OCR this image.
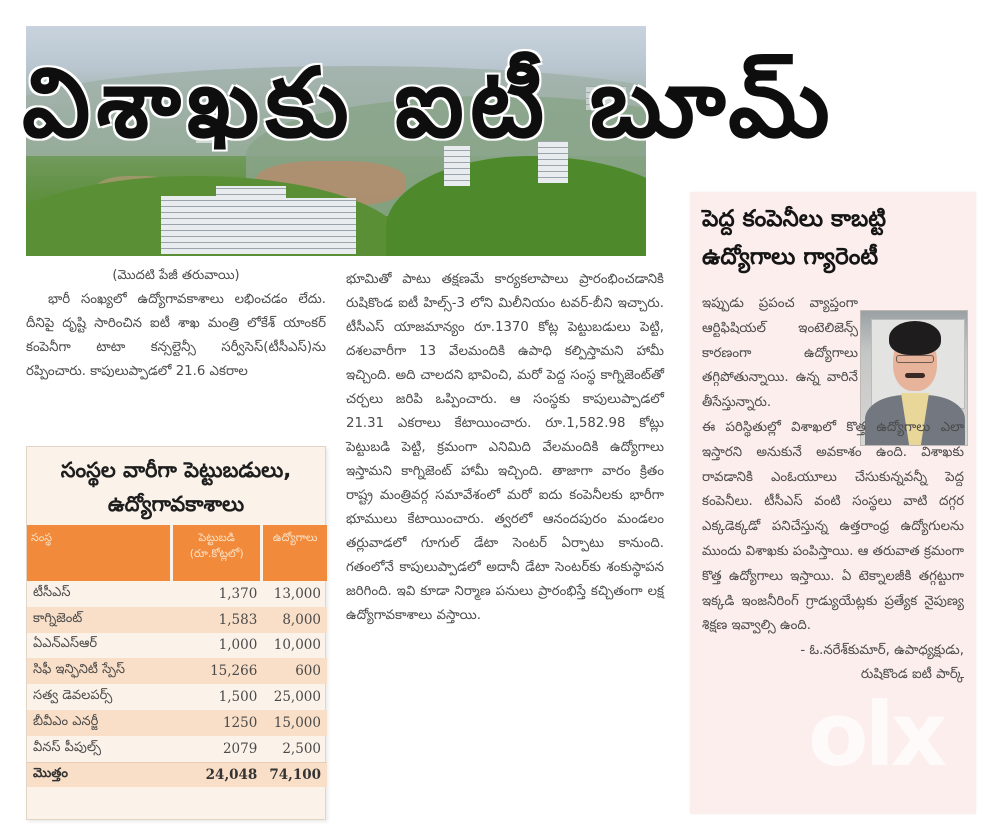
విశాఖకు ఐటీ బూమ్
(మొదటి పేజీ తరువాయి)

భారీ సంఖ్యలో ఉద్యోగావకాశాలు లభించడం లేదు. దీనిపై దృష్టి సారించిన ఐటీ శాఖ మంత్రి లోకేశ్ యాంకర్ కంపెనీగా టాటా కన్సల్టెన్సీ సర్వీసెస్(టీసీఎస్)ను రప్పించారు. కాపులుప్పాడలో 21.6 ఎకరాల

సంస్థల వారీగా పెట్టుబడులు,
ఉద్యోగావకాశాలు
సంస్థ	పెట్టుబడి (రూ.కోట్లలో)	ఉద్యోగాలు
టీసీఎస్	1,370	13,000
కాగ్నిజెంట్	1,583	8,000
ఏఎన్ఎస్ఆర్	1,000	10,000
సిఫీ ఇన్ఫినిటీ స్పేస్	15,266	600
సత్వ డెవలపర్స్	1,500	25,000
బీవీఎం ఎనర్జీ	1250	15,000
వీనస్ పీపుల్స్	2079	2,500
మొత్తం	24,048	74,100

భూమితో పాటు తక్షణమే కార్యకలాపాలు ప్రారంభించడానికి రుషికొండ ఐటీ హిల్స్-3 లోని మిలీనియం టవర్-బీని ఇచ్చారు. టీసీఎస్ యాజమాన్యం రూ.1370 కోట్ల పెట్టుబడులు పెట్టి, దశలవారీగా 13 వేలమందికి ఉపాధి కల్పిస్తామని హామీ ఇచ్చింది. అది చాలదని భావించి, మరో పెద్ద సంస్థ కాగ్నిజెంట్‌తో చర్చలు జరిపి ఒప్పించారు. ఆ సంస్థకు కాపులుప్పాడలో 21.31 ఎకరాలు కేటాయించారు. రూ.1,582.98 కోట్లు పెట్టుబడి పెట్టి, క్రమంగా ఎనిమిది వేలమందికి ఉద్యోగాలు ఇస్తామని కాగ్నిజెంట్ హామీ ఇచ్చింది. తాజాగా వారం క్రితం రాష్ట్ర మంత్రివర్గ సమావేశంలో మరో ఐదు కంపెనీలకు భారీగా భూములు కేటాయించారు. త్వరలో ఆనందపురం మండలం తర్లువాడలో గూగుల్ డేటా సెంటర్ ఏర్పాటు కానుంది. గతంలోనే కాపులుప్పాడలో అదానీ డేటా సెంటర్‌కు శంకుస్థాపన జరిగింది. ఇవి కూడా నిర్మాణ పనులు ప్రారంభిస్తే కచ్చితంగా లక్ష ఉద్యోగావకాశాలు వస్తాయి.

పెద్ద కంపెనీలు కాబట్టి
ఉద్యోగాలు గ్యారెంటీ

ఇప్పుడు ప్రపంచ వ్యాప్తంగా ఆర్టిఫిషియల్ ఇంటెలిజెన్స్ కారణంగా ఉద్యోగాలు తగ్గిపోతున్నాయి. ఉన్న వారినే తీసేస్తున్నారు.

ఈ పరిస్థితుల్లో విశాఖలో కొత్త ఉద్యోగాలు ఎలా ఇస్తారని అనుకునే అవకాశం ఉంది. విశాఖకు రావడానికి ఎంఓయూలు చేసుకున్నవన్నీ పెద్ద కంపెనీలు. టీసీఎస్ వంటి సంస్థలు వాటి దగ్గర ఎక్కడెక్కడో పనిచేస్తున్న ఉత్తరాంధ్ర ఉద్యోగులను ముందు విశాఖకు పంపిస్తాయి. ఆ తరువాత క్రమంగా కొత్త ఉద్యోగాలు ఇస్తాయి. ఏ టెక్నాలజీకి తగ్గట్టుగా ఇక్కడి ఇంజనీరింగ్ గ్రాడ్యుయేట్లకు ప్రత్యేక నైపుణ్య శిక్షణ ఇవ్వాల్సి ఉంది.

- ఓ.నరేశ్‌కుమార్, ఉపాధ్యక్షుడు,
రుషికొండ ఐటీ పార్క్
olx
